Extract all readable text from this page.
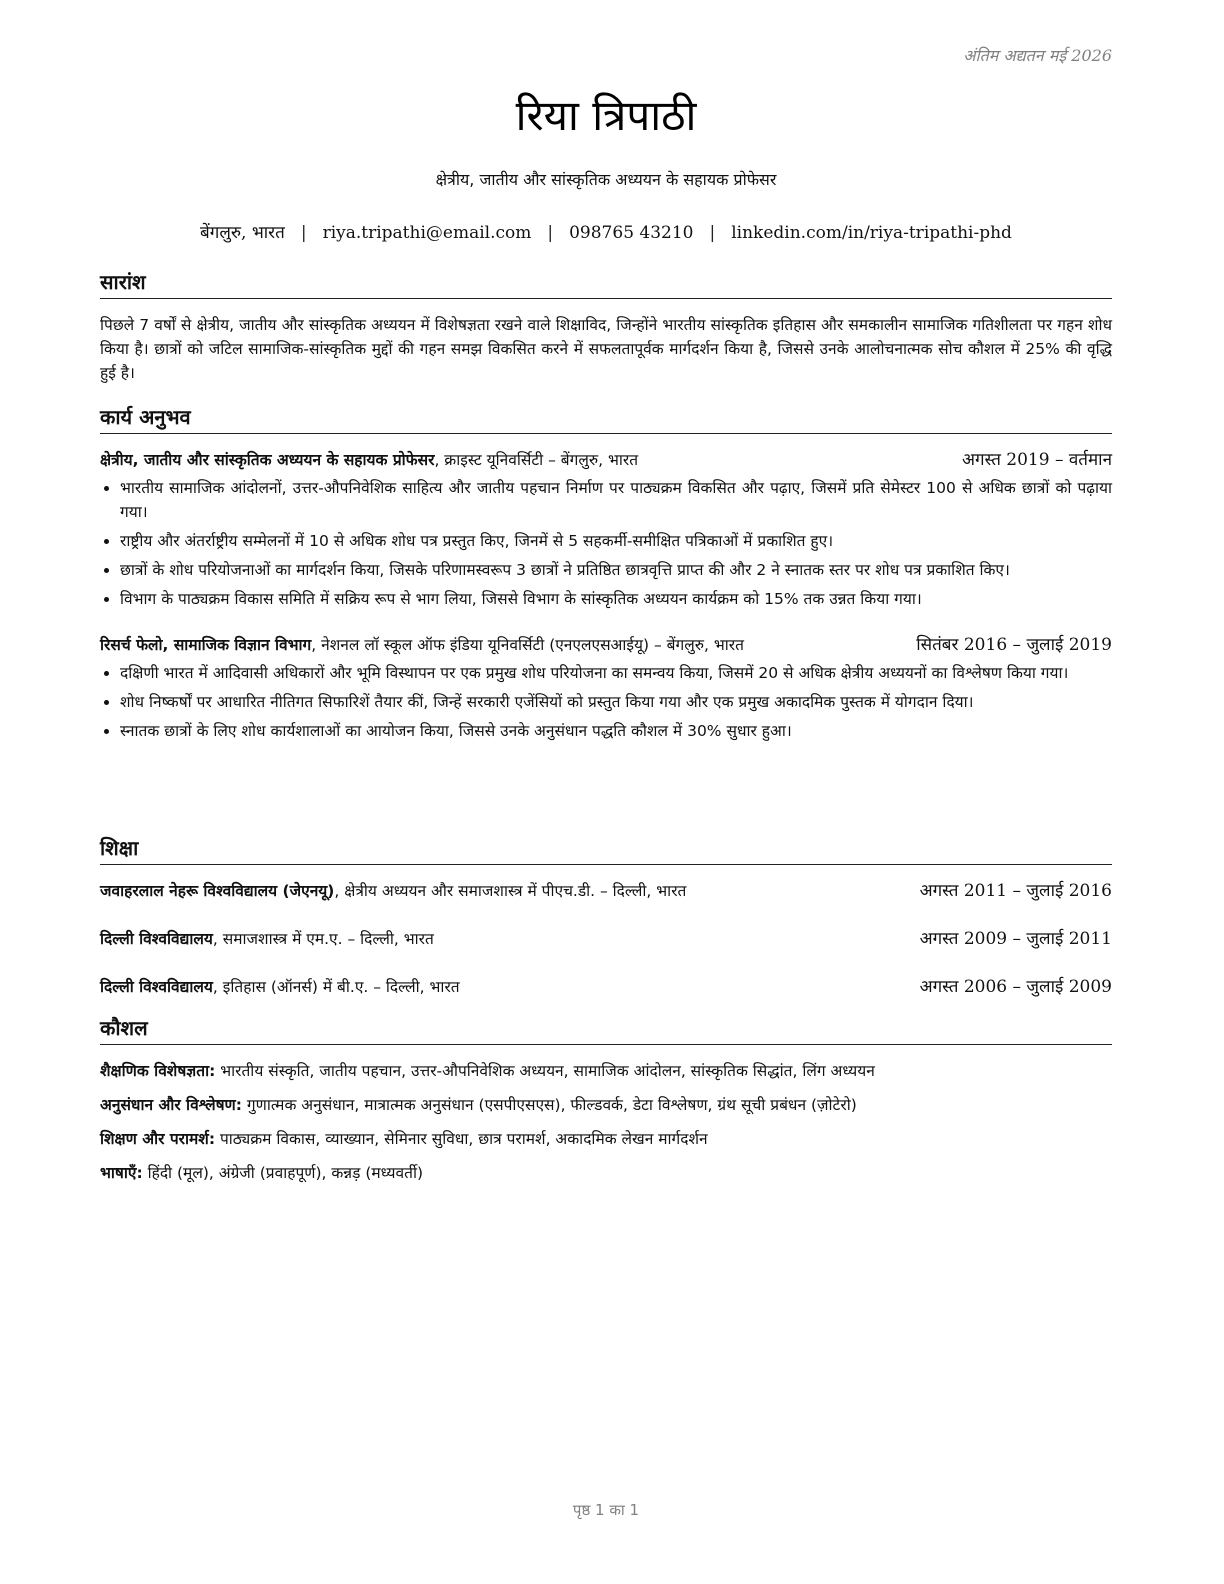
अंतिम अद्यतन मई 2026
रिया त्रिपाठी
क्षेत्रीय, जातीय और सांस्कृतिक अध्ययन के सहायक प्रोफेसर
बेंगलुरु, भारत | riya.tripathi@email.com | 098765 43210 | linkedin.com/in/riya-tripathi-phd
सारांश
पिछले 7 वर्षों से क्षेत्रीय, जातीय और सांस्कृतिक अध्ययन में विशेषज्ञता रखने वाले शिक्षाविद, जिन्होंने भारतीय सांस्कृतिक इतिहास और समकालीन सामाजिक गतिशीलता पर गहन शोध किया है। छात्रों को जटिल सामाजिक-सांस्कृतिक मुद्दों की गहन समझ विकसित करने में सफलतापूर्वक मार्गदर्शन किया है, जिससे उनके आलोचनात्मक सोच कौशल में 25% की वृद्धि हुई है।
कार्य अनुभव
क्षेत्रीय, जातीय और सांस्कृतिक अध्ययन के सहायक प्रोफेसर, क्राइस्ट यूनिवर्सिटी – बेंगलुरु, भारत	अगस्त 2019 – वर्तमान
• भारतीय सामाजिक आंदोलनों, उत्तर-औपनिवेशिक साहित्य और जातीय पहचान निर्माण पर पाठ्यक्रम विकसित और पढ़ाए, जिसमें प्रति सेमेस्टर 100 से अधिक छात्रों को पढ़ाया गया।
• राष्ट्रीय और अंतर्राष्ट्रीय सम्मेलनों में 10 से अधिक शोध पत्र प्रस्तुत किए, जिनमें से 5 सहकर्मी-समीक्षित पत्रिकाओं में प्रकाशित हुए।
• छात्रों के शोध परियोजनाओं का मार्गदर्शन किया, जिसके परिणामस्वरूप 3 छात्रों ने प्रतिष्ठित छात्रवृत्ति प्राप्त की और 2 ने स्नातक स्तर पर शोध पत्र प्रकाशित किए।
• विभाग के पाठ्यक्रम विकास समिति में सक्रिय रूप से भाग लिया, जिससे विभाग के सांस्कृतिक अध्ययन कार्यक्रम को 15% तक उन्नत किया गया।
रिसर्च फेलो, सामाजिक विज्ञान विभाग, नेशनल लॉ स्कूल ऑफ इंडिया यूनिवर्सिटी (एनएलएसआईयू) – बेंगलुरु, भारत	सितंबर 2016 – जुलाई 2019
• दक्षिणी भारत में आदिवासी अधिकारों और भूमि विस्थापन पर एक प्रमुख शोध परियोजना का समन्वय किया, जिसमें 20 से अधिक क्षेत्रीय अध्ययनों का विश्लेषण किया गया।
• शोध निष्कर्षों पर आधारित नीतिगत सिफारिशें तैयार कीं, जिन्हें सरकारी एजेंसियों को प्रस्तुत किया गया और एक प्रमुख अकादमिक पुस्तक में योगदान दिया।
• स्नातक छात्रों के लिए शोध कार्यशालाओं का आयोजन किया, जिससे उनके अनुसंधान पद्धति कौशल में 30% सुधार हुआ।
शिक्षा
जवाहरलाल नेहरू विश्वविद्यालय (जेएनयू), क्षेत्रीय अध्ययन और समाजशास्त्र में पीएच.डी. – दिल्ली, भारत	अगस्त 2011 – जुलाई 2016
दिल्ली विश्वविद्यालय, समाजशास्त्र में एम.ए. – दिल्ली, भारत	अगस्त 2009 – जुलाई 2011
दिल्ली विश्वविद्यालय, इतिहास (ऑनर्स) में बी.ए. – दिल्ली, भारत	अगस्त 2006 – जुलाई 2009
कौशल
शैक्षणिक विशेषज्ञता: भारतीय संस्कृति, जातीय पहचान, उत्तर-औपनिवेशिक अध्ययन, सामाजिक आंदोलन, सांस्कृतिक सिद्धांत, लिंग अध्ययन
अनुसंधान और विश्लेषण: गुणात्मक अनुसंधान, मात्रात्मक अनुसंधान (एसपीएसएस), फील्डवर्क, डेटा विश्लेषण, ग्रंथ सूची प्रबंधन (ज़ोटेरो)
शिक्षण और परामर्श: पाठ्यक्रम विकास, व्याख्यान, सेमिनार सुविधा, छात्र परामर्श, अकादमिक लेखन मार्गदर्शन
भाषाएँ: हिंदी (मूल), अंग्रेजी (प्रवाहपूर्ण), कन्नड़ (मध्यवर्ती)
पृष्ठ 1 का 1
